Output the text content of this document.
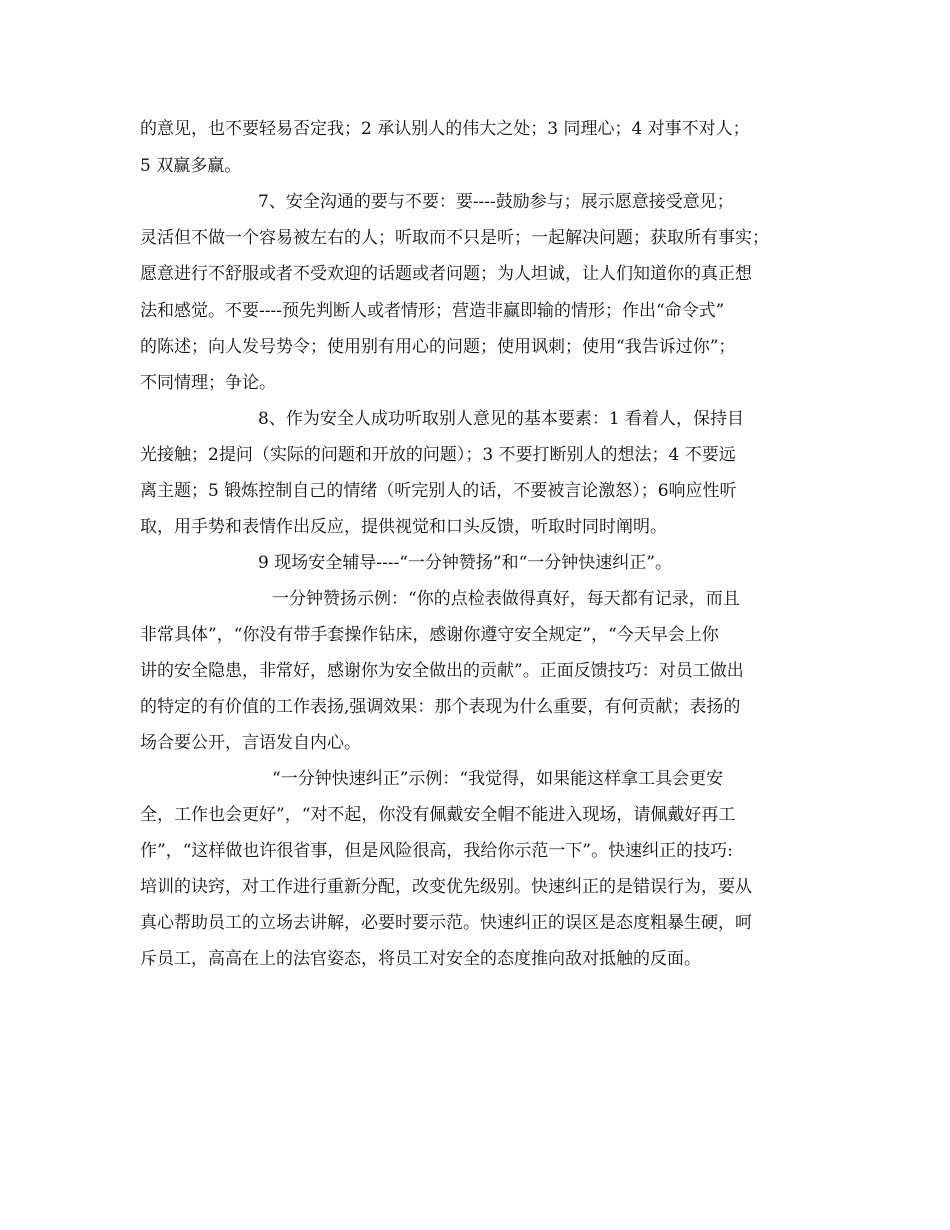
的意见，也不要轻易否定我；2 承认别人的伟大之处；3 同理心；4 对事不对人；
5 双赢多赢。
7、安全沟通的要与不要：要----鼓励参与；展示愿意接受意见；
灵活但不做一个容易被左右的人；听取而不只是听；一起解决问题；获取所有事实；
愿意进行不舒服或者不受欢迎的话题或者问题；为人坦诚，让人们知道你的真正想
法和感觉。不要----预先判断人或者情形；营造非赢即输的情形；作出“命令式”
的陈述；向人发号势令；使用别有用心的问题；使用讽刺；使用“我告诉过你”；
不同情理；争论。
8、作为安全人成功听取别人意见的基本要素：1 看着人，保持目
光接触；2提问（实际的问题和开放的问题）；3 不要打断别人的想法；4 不要远
离主题；5 锻炼控制自己的情绪（听完别人的话，不要被言论激怒）；6响应性听
取，用手势和表情作出反应，提供视觉和口头反馈，听取时同时阐明。
9 现场安全辅导----“一分钟赞扬”和“一分钟快速纠正”。
一分钟赞扬示例：“你的点检表做得真好，每天都有记录，而且
非常具体”，“你没有带手套操作钻床，感谢你遵守安全规定”，“今天早会上你
讲的安全隐患，非常好，感谢你为安全做出的贡献”。正面反馈技巧：对员工做出
的特定的有价值的工作表扬,强调效果：那个表现为什么重要，有何贡献；表扬的
场合要公开，言语发自内心。
“一分钟快速纠正”示例：“我觉得，如果能这样拿工具会更安
全，工作也会更好”，“对不起，你没有佩戴安全帽不能进入现场，请佩戴好再工
作”，“这样做也许很省事，但是风险很高，我给你示范一下”。快速纠正的技巧:
培训的诀窍，对工作进行重新分配，改变优先级别。快速纠正的是错误行为，要从
真心帮助员工的立场去讲解，必要时要示范。快速纠正的误区是态度粗暴生硬，呵
斥员工，高高在上的法官姿态，将员工对安全的态度推向敌对抵触的反面。
